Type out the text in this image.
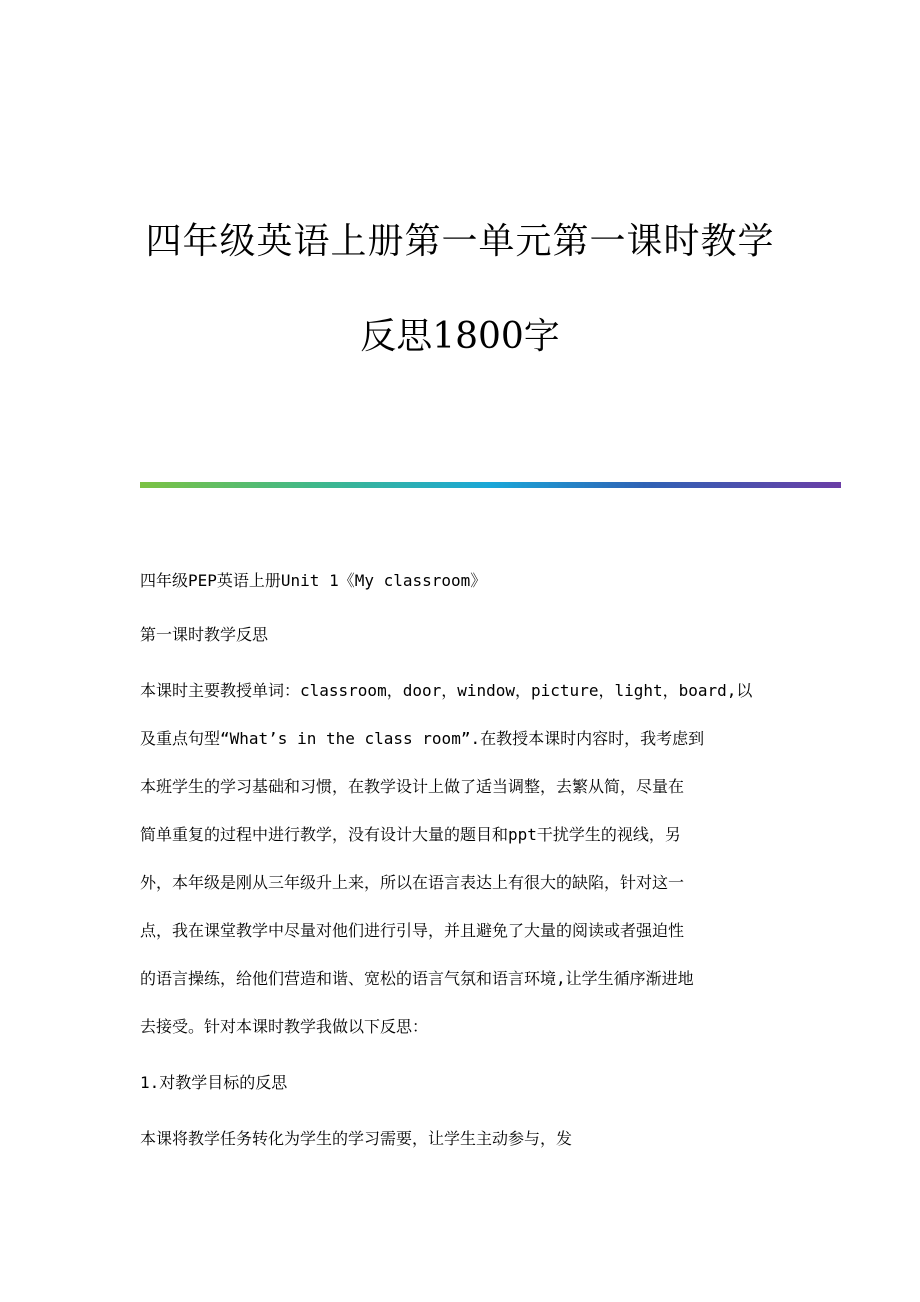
四年级英语上册第一单元第一课时教学
反思1800字

四年级PEP英语上册Unit 1《My classroom》

第一课时教学反思

本课时主要教授单词：classroom，door，window，picture，light，board,以
及重点句型“What’s in the class room”.在教授本课时内容时，我考虑到
本班学生的学习基础和习惯，在教学设计上做了适当调整，去繁从简，尽量在
简单重复的过程中进行教学，没有设计大量的题目和ppt干扰学生的视线，另
外，本年级是刚从三年级升上来，所以在语言表达上有很大的缺陷，针对这一
点，我在课堂教学中尽量对他们进行引导，并且避免了大量的阅读或者强迫性
的语言操练，给他们营造和谐、宽松的语言气氛和语言环境,让学生循序渐进地
去接受。针对本课时教学我做以下反思：

1.对教学目标的反思

本课将教学任务转化为学生的学习需要，让学生主动参与，发
